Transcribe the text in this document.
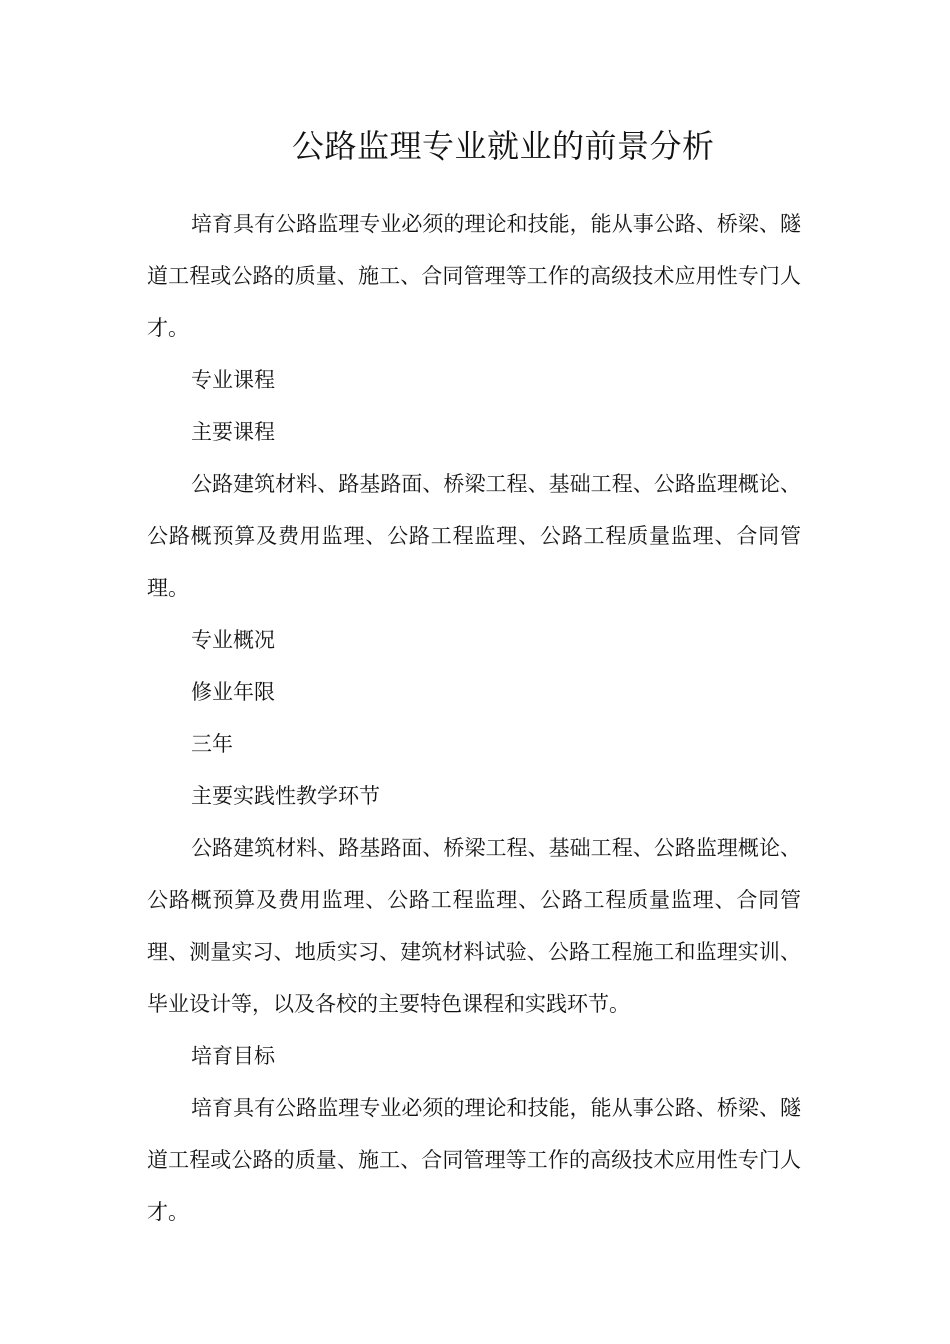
公路监理专业就业的前景分析

培育具有公路监理专业必须的理论和技能，能从事公路、桥梁、隧道工程或公路的质量、施工、合同管理等工作的高级技术应用性专门人才。

专业课程

主要课程

公路建筑材料、路基路面、桥梁工程、基础工程、公路监理概论、公路概预算及费用监理、公路工程监理、公路工程质量监理、合同管理。

专业概况

修业年限

三年

主要实践性教学环节

公路建筑材料、路基路面、桥梁工程、基础工程、公路监理概论、公路概预算及费用监理、公路工程监理、公路工程质量监理、合同管理、测量实习、地质实习、建筑材料试验、公路工程施工和监理实训、毕业设计等，以及各校的主要特色课程和实践环节。

培育目标

培育具有公路监理专业必须的理论和技能，能从事公路、桥梁、隧道工程或公路的质量、施工、合同管理等工作的高级技术应用性专门人才。
